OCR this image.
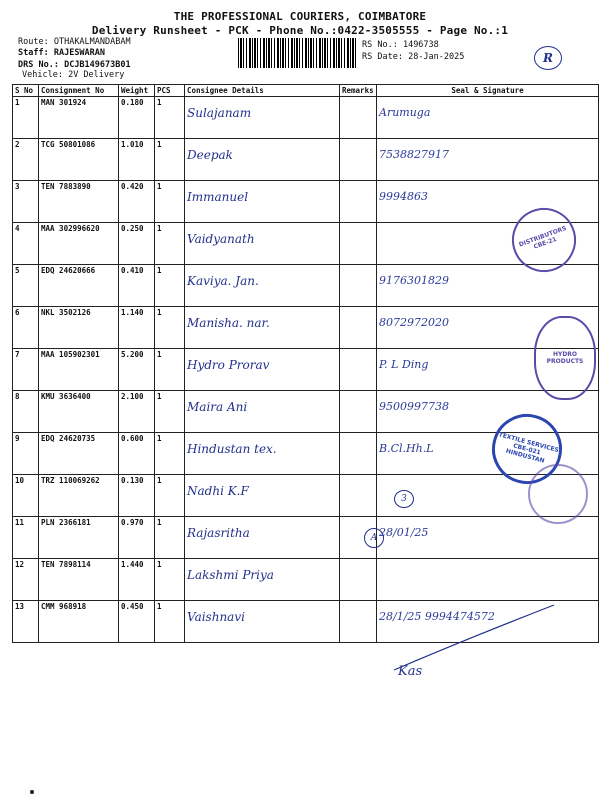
THE PROFESSIONAL COURIERS, COIMBATORE
Delivery Runsheet - PCK - Phone No.:0422-3505555 - Page No.:1
Route: OTHAKALMANDABAM
Staff: RAJESWARAN
DRS No.: DCJB149673B01
Vehicle: 2V Delivery
RS No.: 1496738
RS Date: 28-Jan-2025	R
S No	Consignment No	Weight	PCS	Consignee Details	Remarks	Seal & Signature
1	MAN 301924	0.180	1	Sulajanam		Arumuga
2	TCG 50801086	1.010	1	Deepak		7538827917
3	TEN 7883890	0.420	1	Immanuel		9994863
4	MAA 302996620	0.250	1	Vaidyanath		
5	EDQ 24620666	0.410	1	Kaviya. Jan.		9176301829
6	NKL 3502126	1.140	1	Manisha. nar.		8072972020
7	MAA 105902301	5.200	1	Hydro Prorav		P. L Ding
8	KMU 3636400	2.100	1	Maira Ani		9500997738
9	EDQ 24620735	0.600	1	Hindustan tex.		B.Cl.Hh.L
10	TRZ 110069262	0.130	1	Nadhi K.F		
11	PLN 2366181	0.970	1	Rajasritha		28/01/25
12	TEN 7898114	1.440	1	Lakshmi Priya		
13	CMM 968918	0.450	1	Vaishnavi		28/1/25 9994474572
DISTRIBUTORS CBE-21
HYDRO PRODUCTS
TEXTILE SERVICES CBE-021 HINDUSTAN
3
A
Kas
